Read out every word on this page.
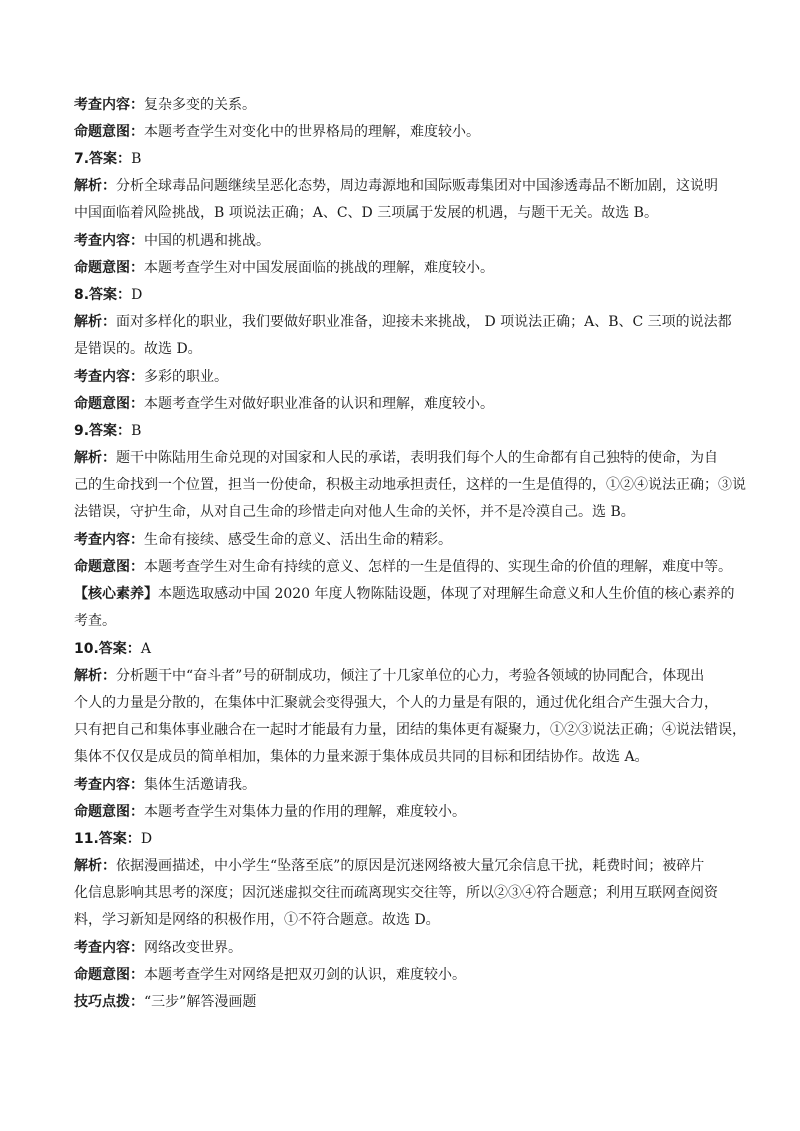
考查内容：复杂多变的关系。
命题意图：本题考查学生对变化中的世界格局的理解，难度较小。
7.答案：B
解析：分析全球毒品问题继续呈恶化态势，周边毒源地和国际贩毒集团对中国渗透毒品不断加剧，这说明
中国面临着风险挑战，B 项说法正确；A、C、D 三项属于发展的机遇，与题干无关。故选 B。
考查内容：中国的机遇和挑战。
命题意图：本题考查学生对中国发展面临的挑战的理解，难度较小。
8.答案：D
解析：面对多样化的职业，我们要做好职业准备，迎接未来挑战， D 项说法正确；A、B、C 三项的说法都
是错误的。故选 D。
考查内容：多彩的职业。
命题意图：本题考查学生对做好职业准备的认识和理解，难度较小。
9.答案：B
解析：题干中陈陆用生命兑现的对国家和人民的承诺，表明我们每个人的生命都有自己独特的使命，为自
己的生命找到一个位置，担当一份使命，积极主动地承担责任，这样的一生是值得的，①②④说法正确；③说
法错误，守护生命，从对自己生命的珍惜走向对他人生命的关怀，并不是冷漠自己。选 B。
考查内容：生命有接续、感受生命的意义、活出生命的精彩。
命题意图：本题考查学生对生命有持续的意义、怎样的一生是值得的、实现生命的价值的理解，难度中等。
【核心素养】本题选取感动中国 2020 年度人物陈陆设题，体现了对理解生命意义和人生价值的核心素养的
考查。
10.答案：A
解析：分析题干中“奋斗者”号的研制成功，倾注了十几家单位的心力，考验各领域的协同配合，体现出
个人的力量是分散的，在集体中汇聚就会变得强大，个人的力量是有限的，通过优化组合产生强大合力，
只有把自己和集体事业融合在一起时才能最有力量，团结的集体更有凝聚力，①②③说法正确；④说法错误，
集体不仅仅是成员的简单相加，集体的力量来源于集体成员共同的目标和团结协作。故选 A。
考查内容：集体生活邀请我。
命题意图：本题考查学生对集体力量的作用的理解，难度较小。
11.答案：D
解析：依据漫画描述，中小学生“坠落至底”的原因是沉迷网络被大量冗余信息干扰，耗费时间；被碎片
化信息影响其思考的深度；因沉迷虚拟交往而疏离现实交往等，所以②③④符合题意；利用互联网查阅资
料，学习新知是网络的积极作用，①不符合题意。故选 D。
考查内容：网络改变世界。
命题意图：本题考查学生对网络是把双刃剑的认识，难度较小。
技巧点拨：“三步”解答漫画题
